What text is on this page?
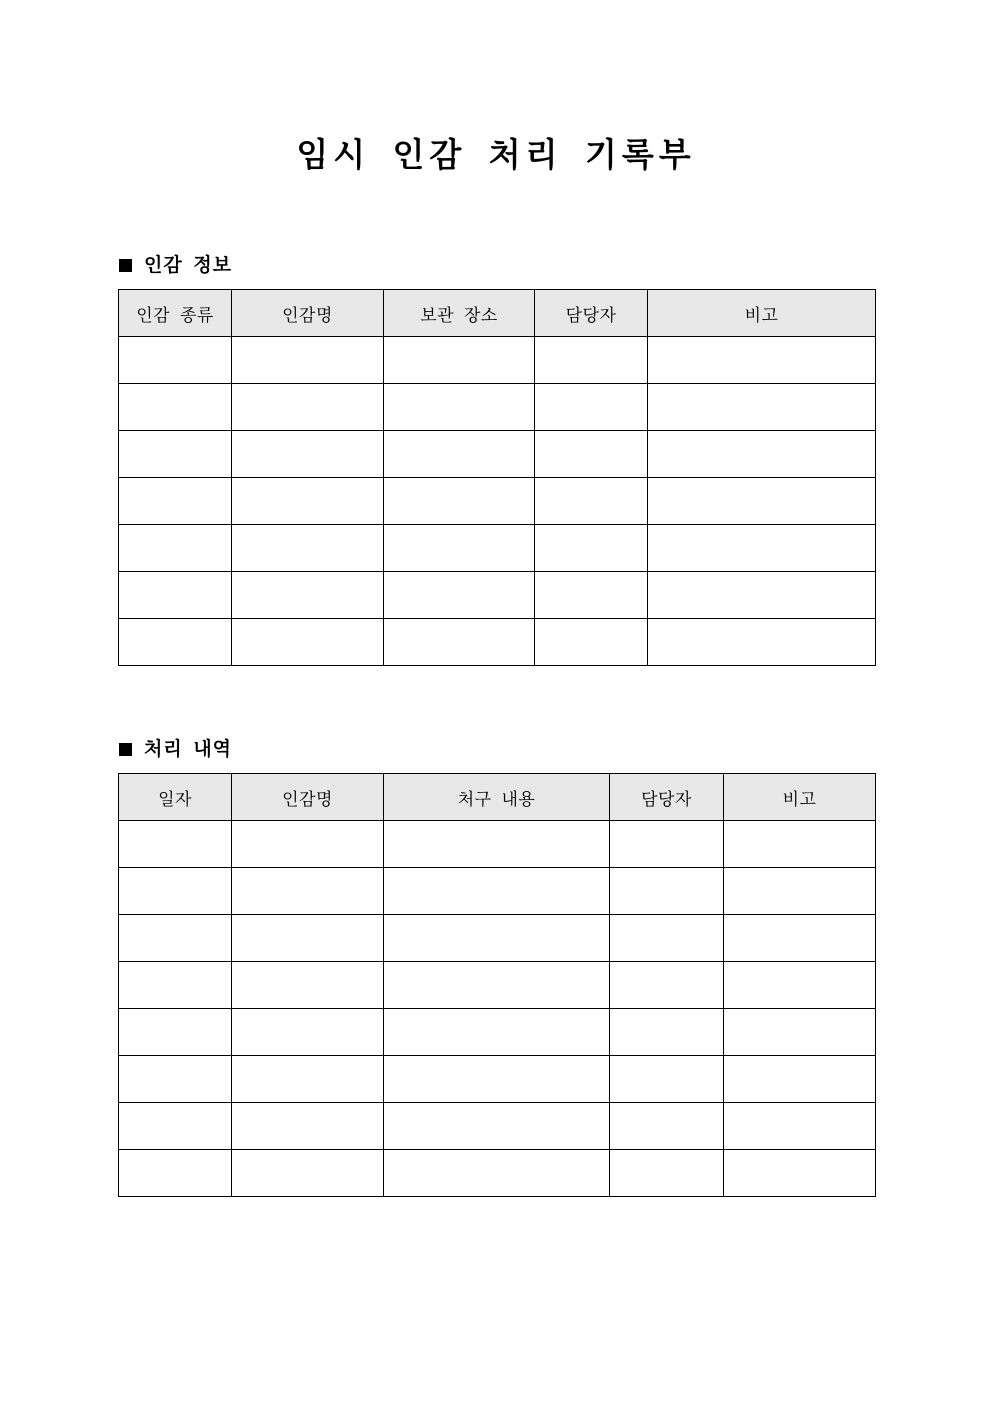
임시 인감 처리 기록부
인감 정보
인감 종류	인감명	보관 장소	담당자	비고

처리 내역
일자	인감명	처구 내용	담당자	비고
